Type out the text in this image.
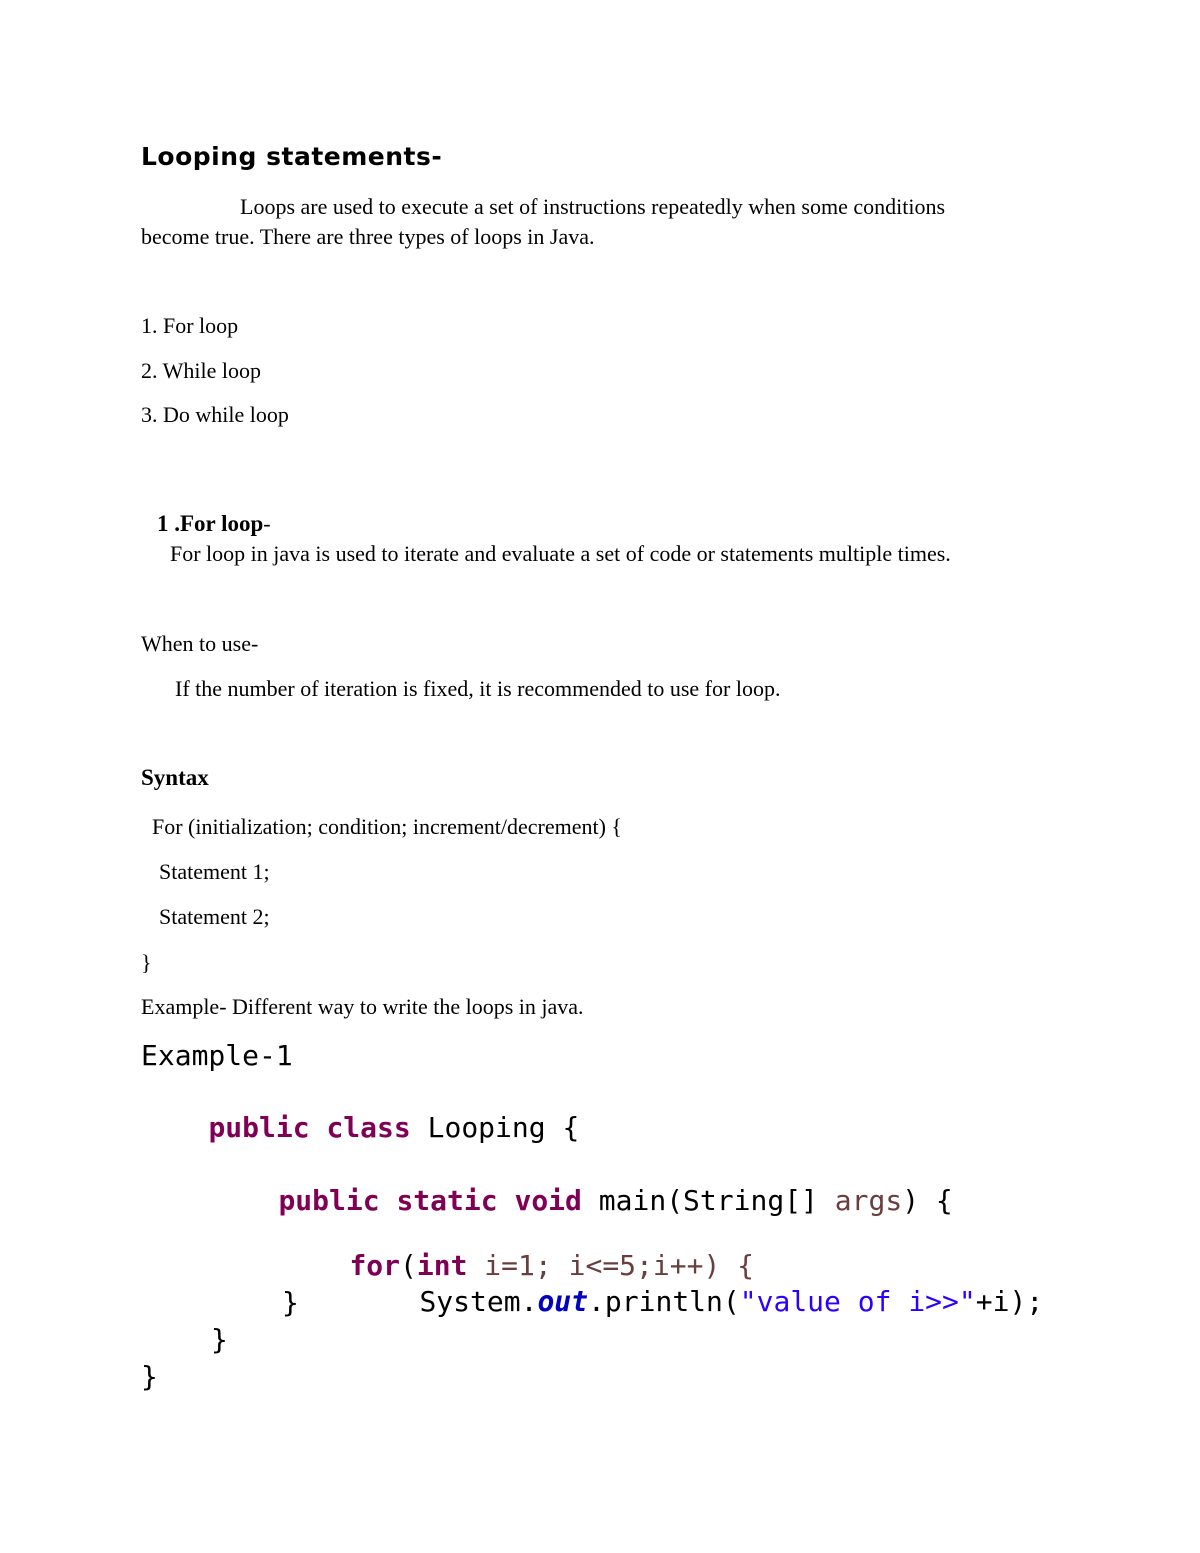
Looping statements-
Loops are used to execute a set of instructions repeatedly when some conditions
become true. There are three types of loops in Java.
1. For loop
2. While loop
3. Do while loop

1 .For loop-

For loop in java is used to iterate and evaluate a set of code or statements multiple times.
When to use-
If the number of iteration is fixed, it is recommended to use for loop.
Syntax
For (initialization; condition; increment/decrement) {
Statement 1;
Statement 2;
}
Example- Different way to write the loops in java.
Example-1

public class Looping {

public static void main(String[] args) {

for(int i=1; i<=5;i++) {

System.out.println("value of i>>"+i);

}
}
}
